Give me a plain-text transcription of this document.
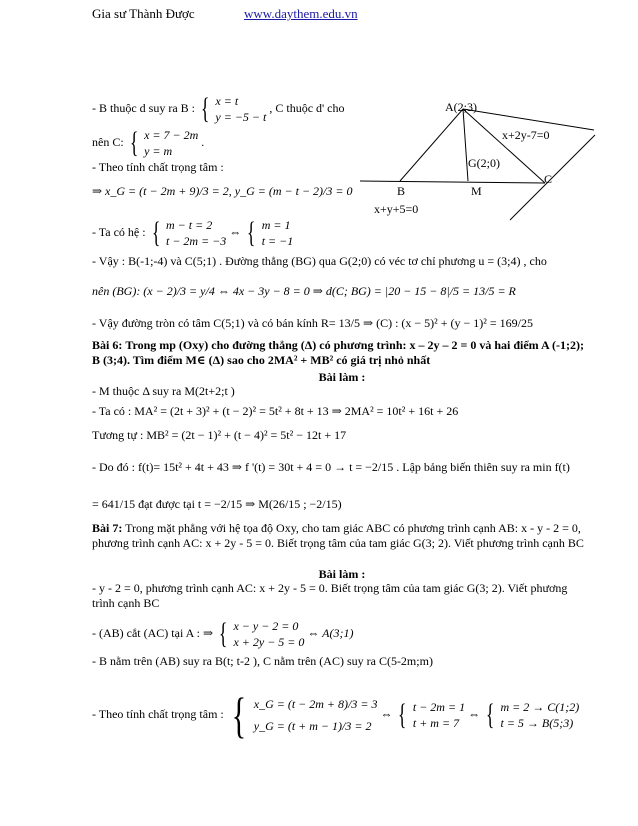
Gia sư Thành Được	www.daythem.edu.vn
A(2;3)
x+2y-7=0
G(2;0)
C
B	M
x+y+5=0
- B thuộc d suy ra B : { x = t
y = −5 − t
, C thuộc d' cho
nên C: { x = 7 − 2m
y = m
.
- Theo tính chất trọng tâm :
⇒ x_G = (t − 2m + 9)/3 = 2, y_G = (m − t − 2)/3 = 0
- Ta có hệ : { m − t = 2
t − 2m = −3
⇔ { m = 1
t = −1
- Vậy : B(-1;-4) và C(5;1) . Đường thẳng (BG) qua G(2;0) có véc tơ chỉ phương u = (3;4) , cho
nên (BG): (x − 2)/3 = y/4 ⇔ 4x − 3y − 8 = 0 ⇒ d(C; BG) = |20 − 15 − 8|/5 = 13/5 = R
- Vậy đường tròn có tâm C(5;1) và có bán kính R= 13/5 ⇒ (C) : (x − 5)² + (y − 1)² = 169/25
Bài 6: Trong mp (Oxy) cho đường thẳng (Δ) có phương trình: x – 2y – 2 = 0 và hai điểm A (-1;2); B (3;4). Tìm điểm M∈ (Δ) sao cho 2MA² + MB² có giá trị nhỏ nhất
Bài làm :
- M thuộc Δ suy ra M(2t+2;t )
- Ta có : MA² = (2t + 3)² + (t − 2)² = 5t² + 8t + 13 ⇒ 2MA² = 10t² + 16t + 26
Tương tự : MB² = (2t − 1)² + (t − 4)² = 5t² − 12t + 17
- Do đó : f(t)= 15t² + 4t + 43 ⇒ f '(t) = 30t + 4 = 0 → t = −2/15 . Lập bảng biến thiên suy ra min f(t)
= 641/15 đạt được tại t = −2/15 ⇒ M(26/15 ; −2/15)
Bài 7: Trong mặt phẳng với hệ tọa độ Oxy, cho tam giác ABC có phương trình cạnh AB: x - y - 2 = 0, phương trình cạnh AC: x + 2y - 5 = 0. Biết trọng tâm của tam giác G(3; 2). Viết phương trình cạnh BC
Bài làm :
- y - 2 = 0, phương trình cạnh AC: x + 2y - 5 = 0. Biết trọng tâm của tam giác G(3; 2). Viết phương trình cạnh BC
- (AB) cắt (AC) tại A : ⇒ { x − y − 2 = 0
x + 2y − 5 = 0
⇔ A(3;1)
- B nằm trên (AB) suy ra B(t; t-2 ), C nằm trên (AC) suy ra C(5-2m;m)
- Theo tính chất trọng tâm : { x_G = (t − 2m + 8)/3 = 3
y_G = (t + m − 1)/3 = 2
⇔ { t − 2m = 1
t + m = 7
⇔ { m = 2 → C(1;2)
t = 5 → B(5;3)
